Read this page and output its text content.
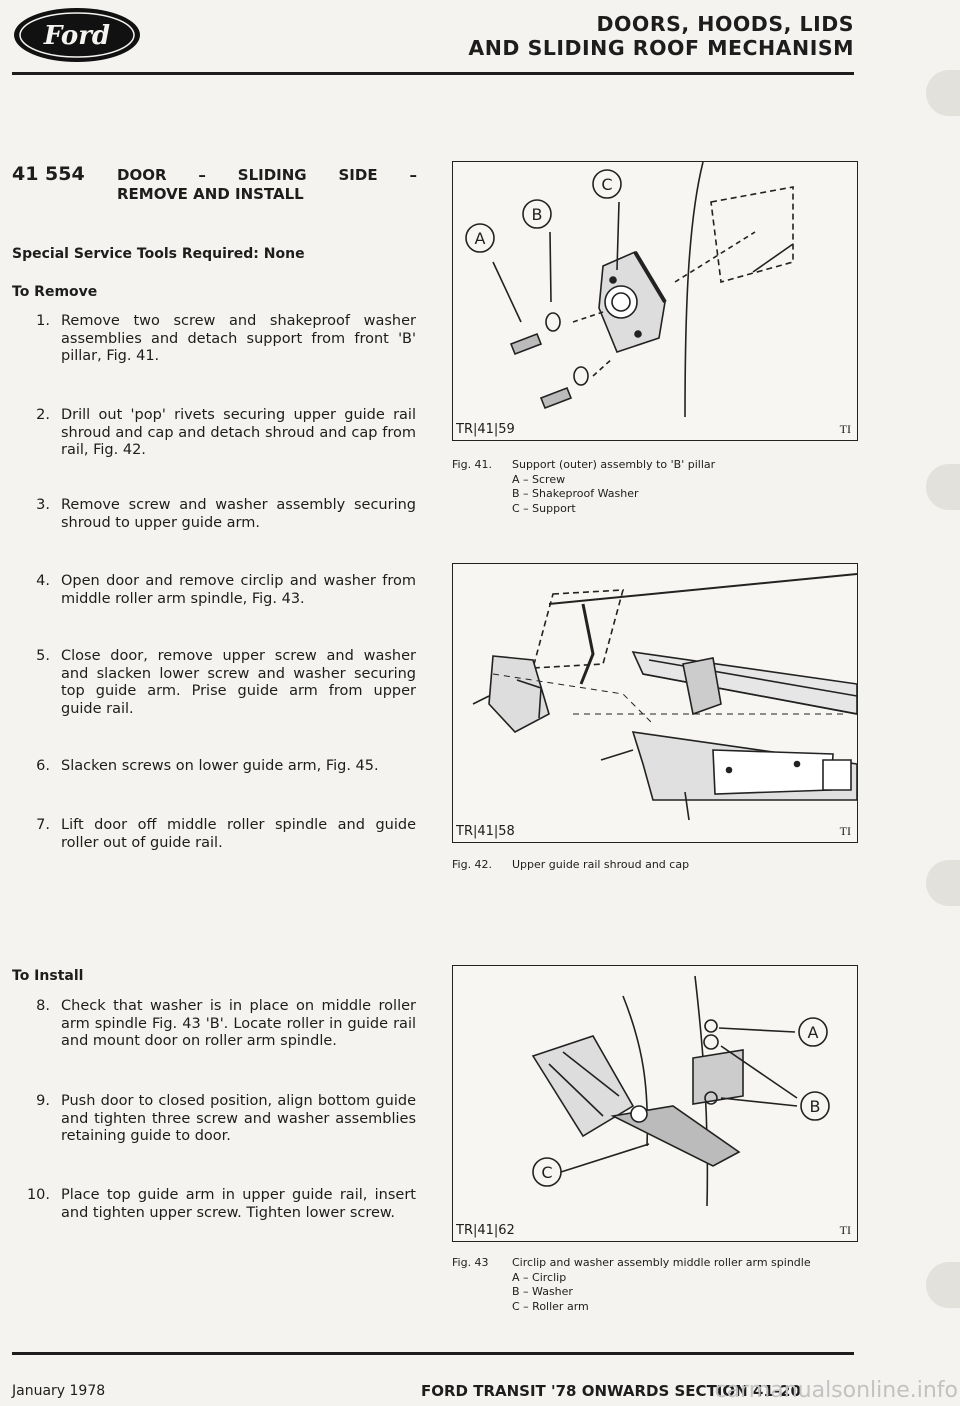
Ford	DOORS, HOODS, LIDS
AND SLIDING ROOF MECHANISM
41 554 DOOR – SLIDING SIDE –
REMOVE AND INSTALL
Special Service Tools Required: None
To Remove
1. Remove two screw and shakeproof washer assemblies and detach support from front 'B' pillar, Fig. 41.
2. Drill out 'pop' rivets securing upper guide rail shroud and cap and detach shroud and cap from rail, Fig. 42.
3. Remove screw and washer assembly securing shroud to upper guide arm.
4. Open door and remove circlip and washer from middle roller arm spindle, Fig. 43.
5. Close door, remove upper screw and washer and slacken lower screw and washer securing top guide arm. Prise guide arm from upper guide rail.
6. Slacken screws on lower guide arm, Fig. 45.
7. Lift door off middle roller spindle and guide roller out of guide rail.
To Install
8. Check that washer is in place on middle roller arm spindle Fig. 43 'B'. Locate roller in guide rail and mount door on roller arm spindle.
9. Push door to closed position, align bottom guide and tighten three screw and washer assemblies retaining guide to door.
10. Place top guide arm in upper guide rail, insert and tighten upper screw. Tighten lower screw.
A
B
C
TR|41|59	TI
Fig. 41. Support (outer) assembly to 'B' pillar
A – Screw
B – Shakeproof Washer
C – Support
TR|41|58	TI
Fig. 42. Upper guide rail shroud and cap
A
B
C
TR|41|62	TI
Fig. 43 Circlip and washer assembly middle roller arm spindle
A – Circlip
B – Washer
C – Roller arm
January 1978	FORD TRANSIT '78 ONWARDS SECTION 41-20
carmanualsonline.info
